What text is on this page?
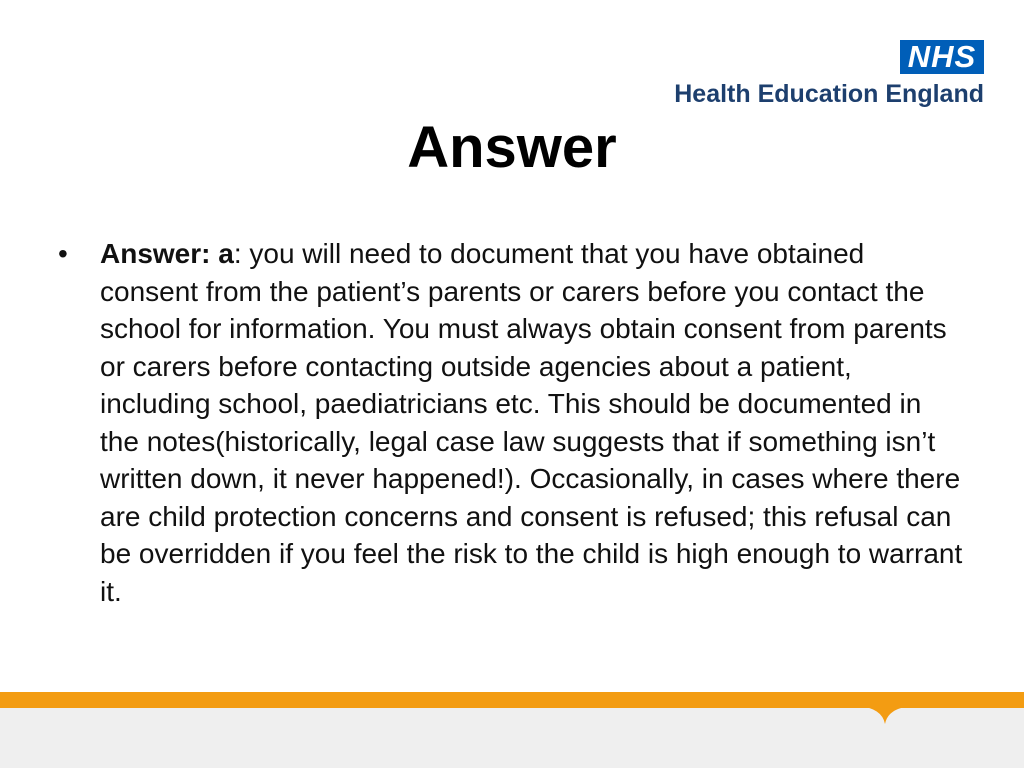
NHS
Health Education England
Answer
• Answer: a: you will need to document that you have obtained consent from the patient’s parents or carers before you contact the school for information. You must always obtain consent from parents or carers before contacting outside agencies about a patient, including school, paediatricians etc. This should be documented in the notes(historically, legal case law suggests that if something isn’t written down, it never happened!). Occasionally, in cases where there are child protection concerns and consent is refused; this refusal can be overridden if you feel the risk to the child is high enough to warrant it.
